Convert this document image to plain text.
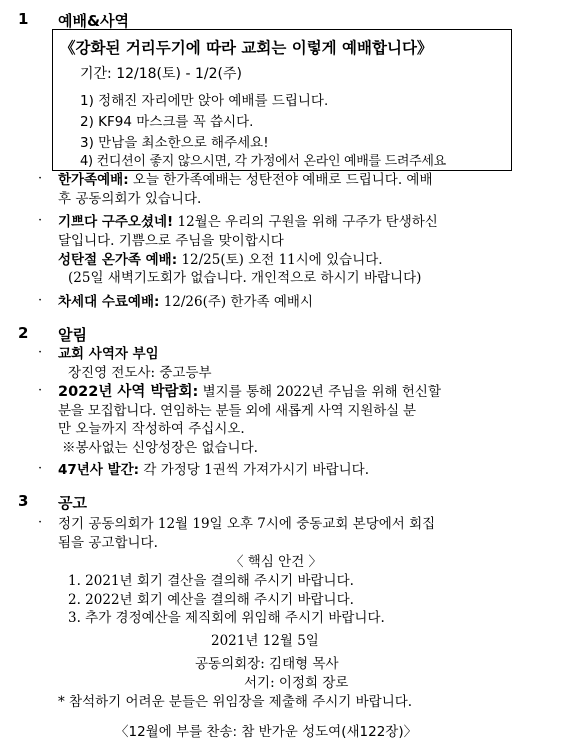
1 예배&사역
《강화된 거리두기에 따라 교회는 이렇게 예배합니다》
기간: 12/18(토) - 1/2(주)
1) 정해진 자리에만 앉아 예배를 드립니다.
2) KF94 마스크를 꼭 씁시다.
3) 만남을 최소한으로 해주세요!
4) 컨디션이 좋지 않으시면, 각 가정에서 온라인 예배를 드려주세요
· 한가족예배: 오늘 한가족예배는 성탄전야 예배로 드립니다. 예배
후 공동의회가 있습니다.
· 기쁘다 구주오셨네! 12월은 우리의 구원을 위해 구주가 탄생하신
달입니다. 기쁨으로 주님을 맞이합시다
성탄절 온가족 예배: 12/25(토) 오전 11시에 있습니다.
(25일 새벽기도회가 없습니다. 개인적으로 하시기 바랍니다)
· 차세대 수료예배: 12/26(주) 한가족 예배시
2 알림
· 교회 사역자 부임
장진영 전도사: 중고등부
· 2022년 사역 박람회: 별지를 통해 2022년 주님을 위해 헌신할
분을 모집합니다. 연임하는 분들 외에 새롭게 사역 지원하실 분
만 오늘까지 작성하여 주십시오.
※봉사없는 신앙성장은 없습니다.
· 47년사 발간: 각 가정당 1권씩 가져가시기 바랍니다.
3 공고
· 정기 공동의회가 12월 19일 오후 7시에 중동교회 본당에서 회집
됨을 공고합니다.
〈 핵심 안건 〉
1. 2021년 회기 결산을 결의해 주시기 바랍니다.
2. 2022년 회기 예산을 결의해 주시기 바랍니다.
3. 추가 경정예산을 제직회에 위임해 주시기 바랍니다.
2021년 12월 5일
공동의회장: 김태형 목사
서기: 이정희 장로
* 참석하기 어려운 분들은 위임장을 제출해 주시기 바랍니다.
〈12월에 부를 찬송: 참 반가운 성도여(새122장)〉
